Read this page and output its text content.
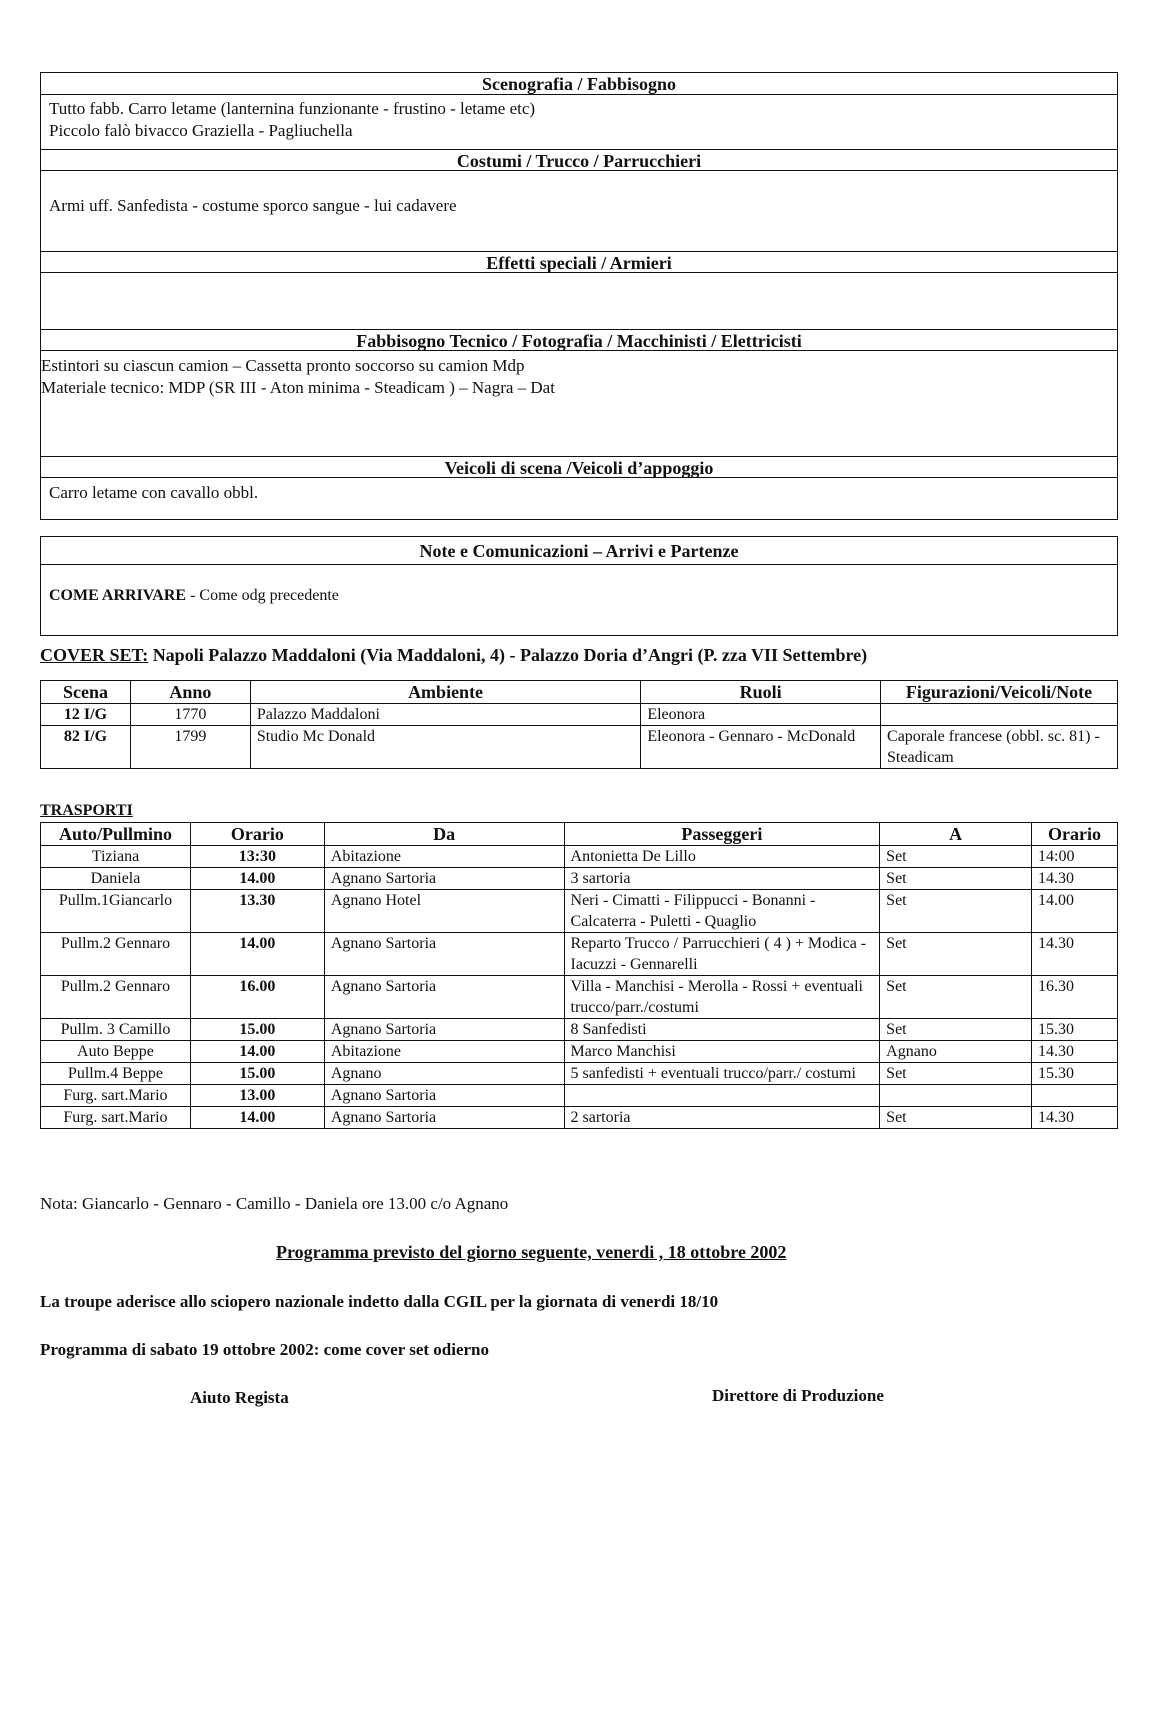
Scenografia / Fabbisogno
Tutto fabb. Carro letame (lanternina funzionante - frustino - letame etc)
Piccolo falò bivacco Graziella - Pagliuchella
Costumi / Trucco / Parrucchieri
Armi uff. Sanfedista - costume sporco sangue - lui cadavere
Effetti speciali / Armieri
Fabbisogno Tecnico / Fotografia / Macchinisti / Elettricisti
Estintori su ciascun camion – Cassetta pronto soccorso su camion Mdp
Materiale tecnico: MDP (SR III - Aton minima - Steadicam ) – Nagra – Dat
Veicoli di scena /Veicoli d’appoggio
Carro letame con cavallo obbl.
Note e Comunicazioni – Arrivi e Partenze
COME ARRIVARE - Come odg precedente
COVER SET: Napoli Palazzo Maddaloni (Via Maddaloni, 4) - Palazzo Doria d’Angri (P. zza VII Settembre)
Scena	Anno	Ambiente	Ruoli	Figurazioni/Veicoli/Note
12 I/G	1770	Palazzo Maddaloni	Eleonora	
82 I/G	1799	Studio Mc Donald	Eleonora - Gennaro - McDonald	Caporale francese (obbl. sc. 81) - Steadicam
TRASPORTI
Auto/Pullmino	Orario	Da	Passeggeri	A	Orario
Tiziana	13:30	Abitazione	Antonietta De Lillo	Set	14:00
Daniela	14.00	Agnano Sartoria	3 sartoria	Set	14.30
Pullm.1Giancarlo	13.30	Agnano Hotel	Neri - Cimatti - Filippucci - Bonanni - Calcaterra - Puletti - Quaglio	Set	14.00
Pullm.2 Gennaro	14.00	Agnano Sartoria	Reparto Trucco / Parrucchieri ( 4 ) + Modica - Iacuzzi - Gennarelli	Set	14.30
Pullm.2 Gennaro	16.00	Agnano Sartoria	Villa - Manchisi - Merolla - Rossi + eventuali trucco/parr./costumi	Set	16.30
Pullm. 3 Camillo	15.00	Agnano Sartoria	8 Sanfedisti	Set	15.30
Auto Beppe	14.00	Abitazione	Marco Manchisi	Agnano	14.30
Pullm.4 Beppe	15.00	Agnano	5 sanfedisti + eventuali trucco/parr./ costumi	Set	15.30
Furg. sart.Mario	13.00	Agnano Sartoria			
Furg. sart.Mario	14.00	Agnano Sartoria	2 sartoria	Set	14.30
Nota: Giancarlo - Gennaro - Camillo - Daniela ore 13.00 c/o Agnano
Programma previsto del giorno seguente, venerdi , 18 ottobre 2002
La troupe aderisce allo sciopero nazionale indetto dalla CGIL per la giornata di venerdi 18/10
Programma di sabato 19 ottobre 2002: come cover set odierno
Aiuto Regista	Direttore di Produzione
